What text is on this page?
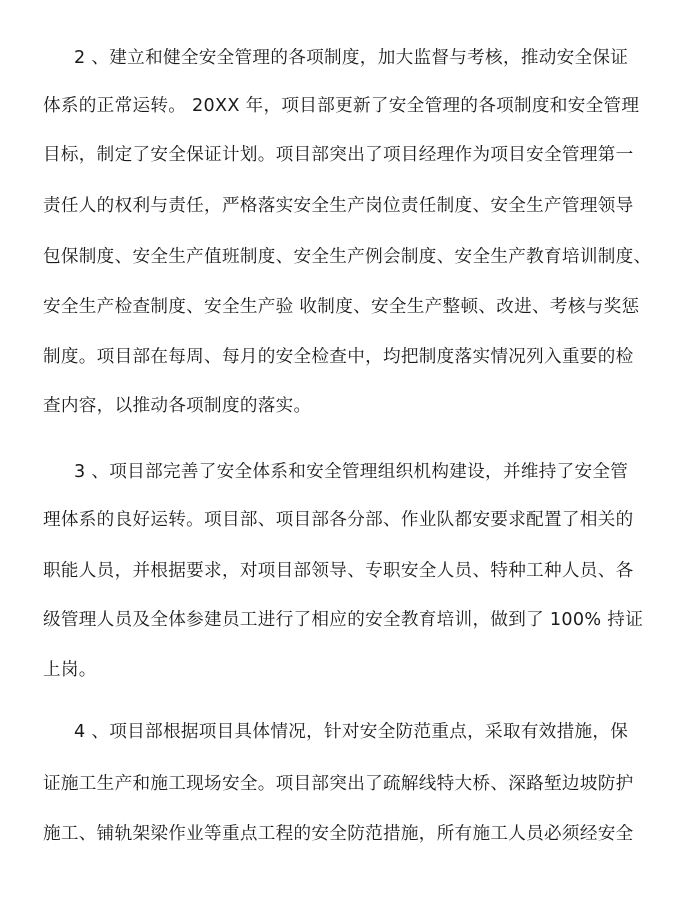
2 、建立和健全安全管理的各项制度，加大监督与考核，推动安全保证
体系的正常运转。 20XX 年，项目部更新了安全管理的各项制度和安全管理
目标，制定了安全保证计划。项目部突出了项目经理作为项目安全管理第一
责任人的权利与责任，严格落实安全生产岗位责任制度、安全生产管理领导
包保制度、安全生产值班制度、安全生产例会制度、安全生产教育培训制度、
安全生产检查制度、安全生产验 收制度、安全生产整顿、改进、考核与奖惩
制度。项目部在每周、每月的安全检查中，均把制度落实情况列入重要的检
查内容，以推动各项制度的落实。
3 、项目部完善了安全体系和安全管理组织机构建设，并维持了安全管
理体系的良好运转。项目部、项目部各分部、作业队都安要求配置了相关的
职能人员，并根据要求，对项目部领导、专职安全人员、特种工种人员、各
级管理人员及全体参建员工进行了相应的安全教育培训，做到了 100% 持证
上岗。
4 、项目部根据项目具体情况，针对安全防范重点，采取有效措施，保
证施工生产和施工现场安全。项目部突出了疏解线特大桥、深路堑边坡防护
施工、铺轨架梁作业等重点工程的安全防范措施，所有施工人员必须经安全
